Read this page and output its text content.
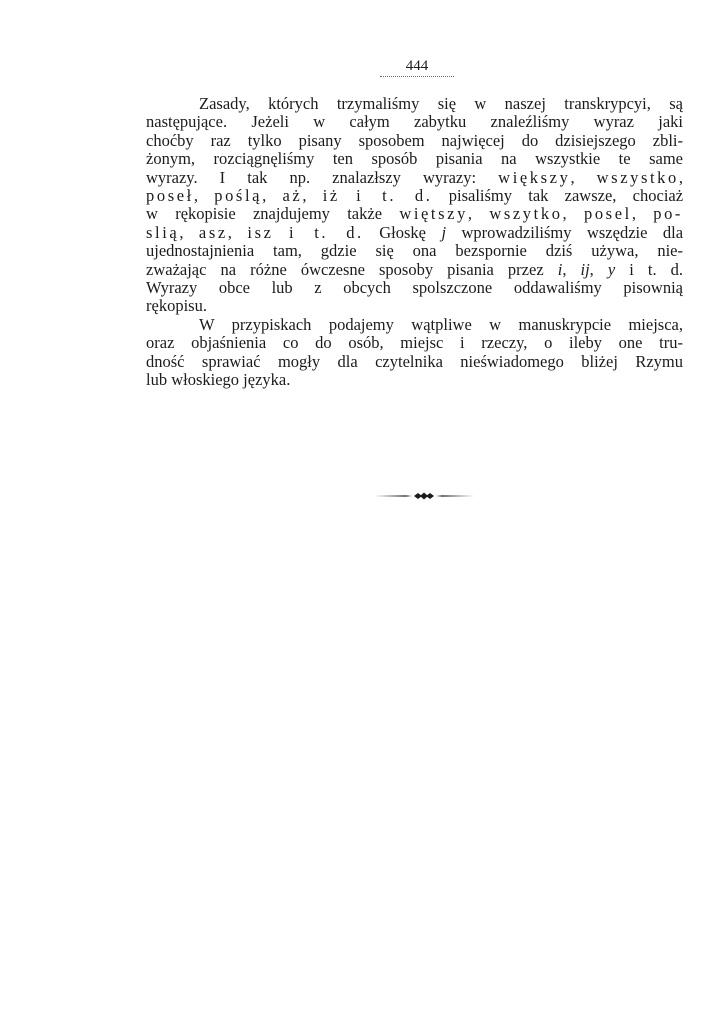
444
Zasady, których trzymaliśmy się w naszej transkrypcyi, są
następujące. Jeżeli w całym zabytku znaleźliśmy wyraz jaki
choćby raz tylko pisany sposobem najwięcej do dzisiejszego zbli-
żonym, rozciągnęliśmy ten sposób pisania na wszystkie te same
wyrazy. I tak np. znalazłszy wyrazy: większy, wszystko,
poseł, poślą, aż, iż i t. d. pisaliśmy tak zawsze, chociaż
w rękopisie znajdujemy także więtszy, wszytko, posel, po-
slią, asz, isz i t. d. Głoskę j wprowadziliśmy wszędzie dla
ujednostajnienia tam, gdzie się ona bezspornie dziś używa, nie-
zważając na różne ówczesne sposoby pisania przez i, ij, y i t. d.
Wyrazy obce lub z obcych spolszczone oddawaliśmy pisownią
rękopisu.
W przypiskach podajemy wątpliwe w manuskrypcie miejsca,
oraz objaśnienia co do osób, miejsc i rzeczy, o ileby one tru-
dność sprawiać mogły dla czytelnika nieświadomego bliżej Rzymu
lub włoskiego języka.
